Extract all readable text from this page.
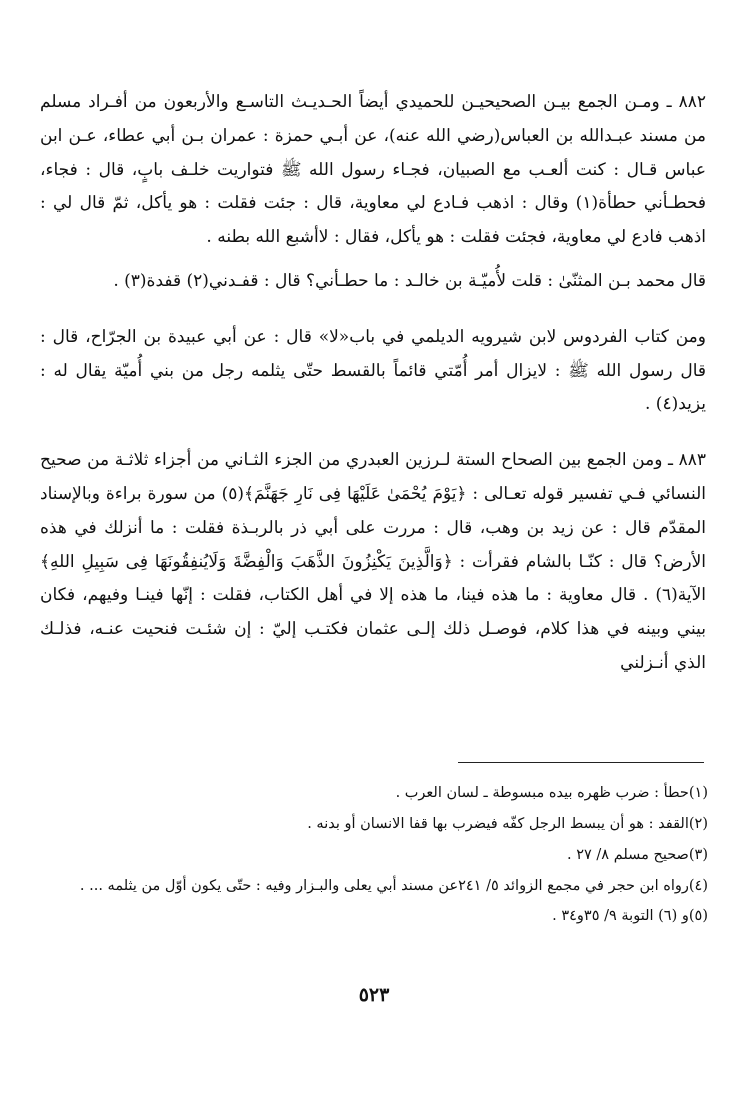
٨٨٢ ـ ومـن الجمع بيـن الصحيحيـن للحميدي أيضاً الحـديـث التاسـع والأربعون من أفـراد مسلم من مسند عبـدالله بن العباس(رضي الله عنه)، عن أبـي حمزة : عمران بـن أبي عطاء، عـن ابن عباس قـال : كنت ألعـب مع الصبيان، فجـاء رسول الله ﷺ فتواريت خلـف بابٍ، قال : فجاء، فحطـأني حطأة(١) وقال : اذهب فـادع لي معاوية، قال : جئت فقلت : هو يأكل، ثمّ قال لي : اذهب فادع لي معاوية، فجئت فقلت : هو يأكل، فقال : لاأشبع الله بطنه .

قال محمد بـن المثنّىٰ : قلت لأُميّـة بن خالـد : ما حطـأني؟ قال : قفـدني(٢) قفدة(٣) .

ومن كتاب الفردوس لابن شيرويه الديلمي في باب«لا» قال : عن أبي عبيدة بن الجرّاح، قال : قال رسول الله ﷺ : لايزال أمر أُمّتي قائماً بالقسط حتّى يثلمه رجل من بني أُميّة يقال له : يزيد(٤) .

٨٨٣ ـ ومن الجمع بين الصحاح الستة لـرزين العبدري من الجزء الثـاني من أجزاء ثلاثـة من صحيح النسائي فـي تفسير قوله تعـالى : ﴿يَوْمَ يُحْمَىٰ عَلَيْهَا فِى نَارِ جَهَنَّمَ﴾(٥) من سورة براءة وبالإسناد المقدّم قال : عن زيد بن وهب، قال : مررت على أبي ذر بالربـذة فقلت : ما أنزلك في هذه الأرض؟ قال : كنّـا بالشام فقرأت : ﴿وَالَّذِينَ يَكْنِزُونَ الذَّهَبَ وَالْفِضَّةَ وَلَايُنفِقُونَهَا فِى سَبِيلِ اللهِ﴾ الآية(٦) . قال معاوية : ما هذه فينا، ما هذه إلا في أهل الكتاب، فقلت : إنّها فينـا وفيهم، فكان بيني وبينه في هذا كلام، فوصـل ذلك إلـى عثمان فكتـب إليّ : إن شئـت فنحيت عنـه، فذلـك الذي أنـزلني

(١)حطأ : ضرب ظهره بيده مبسوطة ـ لسان العرب .

(٢)القفد : هو أن يبسط الرجل كفّه فيضرب بها قفا الانسان أو بدنه .

(٣)صحيح مسلم ٨/ ٢٧ .

(٤)رواه ابن حجر في مجمع الزوائد ٥/ ٢٤١عن مسند أبي يعلى والبـزار وفيه : حتّى يكون أوّل من يثلمه ... .

(٥)و (٦) التوبة ٩/ ٣٥و٣٤ .

٥٢٣
